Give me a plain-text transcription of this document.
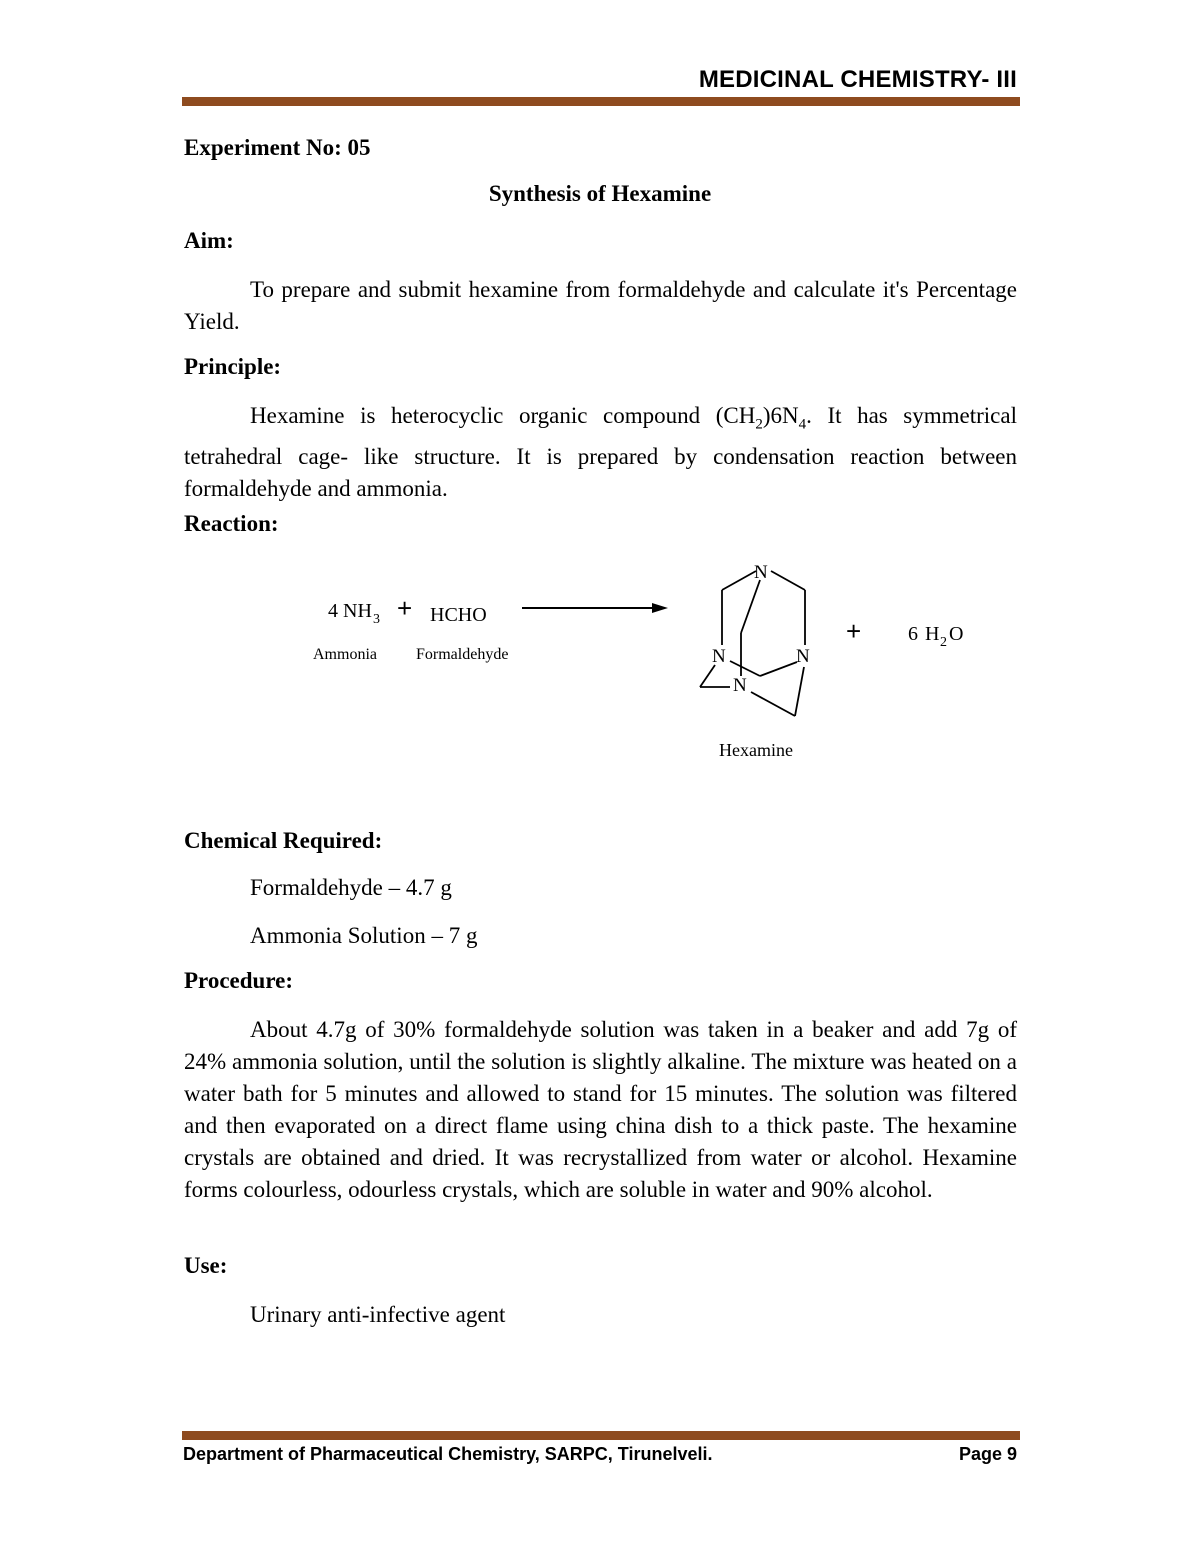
MEDICINAL CHEMISTRY- III
Experiment No: 05
Synthesis of Hexamine
Aim:
To prepare and submit hexamine from formaldehyde and calculate it's Percentage Yield.
Principle:
Hexamine is heterocyclic organic compound $(CH_2)6N_4$. It has symmetrical tetrahedral cage- like structure. It is prepared by condensation reaction between formaldehyde and ammonia.
Reaction:
4 NH 3 + HCHO
Ammonia Formaldehyde
N
N	N
N
Hexamine
+ 6 H 2 O
Chemical Required:
Formaldehyde – 4.7 g
Ammonia Solution – 7 g
Procedure:
About 4.7g of 30% formaldehyde solution was taken in a beaker and add 7g of 24% ammonia solution, until the solution is slightly alkaline. The mixture was heated on a water bath for 5 minutes and allowed to stand for 15 minutes. The solution was filtered and then evaporated on a direct flame using china dish to a thick paste. The hexamine crystals are obtained and dried. It was recrystallized from water or alcohol. Hexamine forms colourless, odourless crystals, which are soluble in water and 90% alcohol.
Use:
Urinary anti-infective agent
Department of Pharmaceutical Chemistry, SARPC, Tirunelveli.	Page 9
